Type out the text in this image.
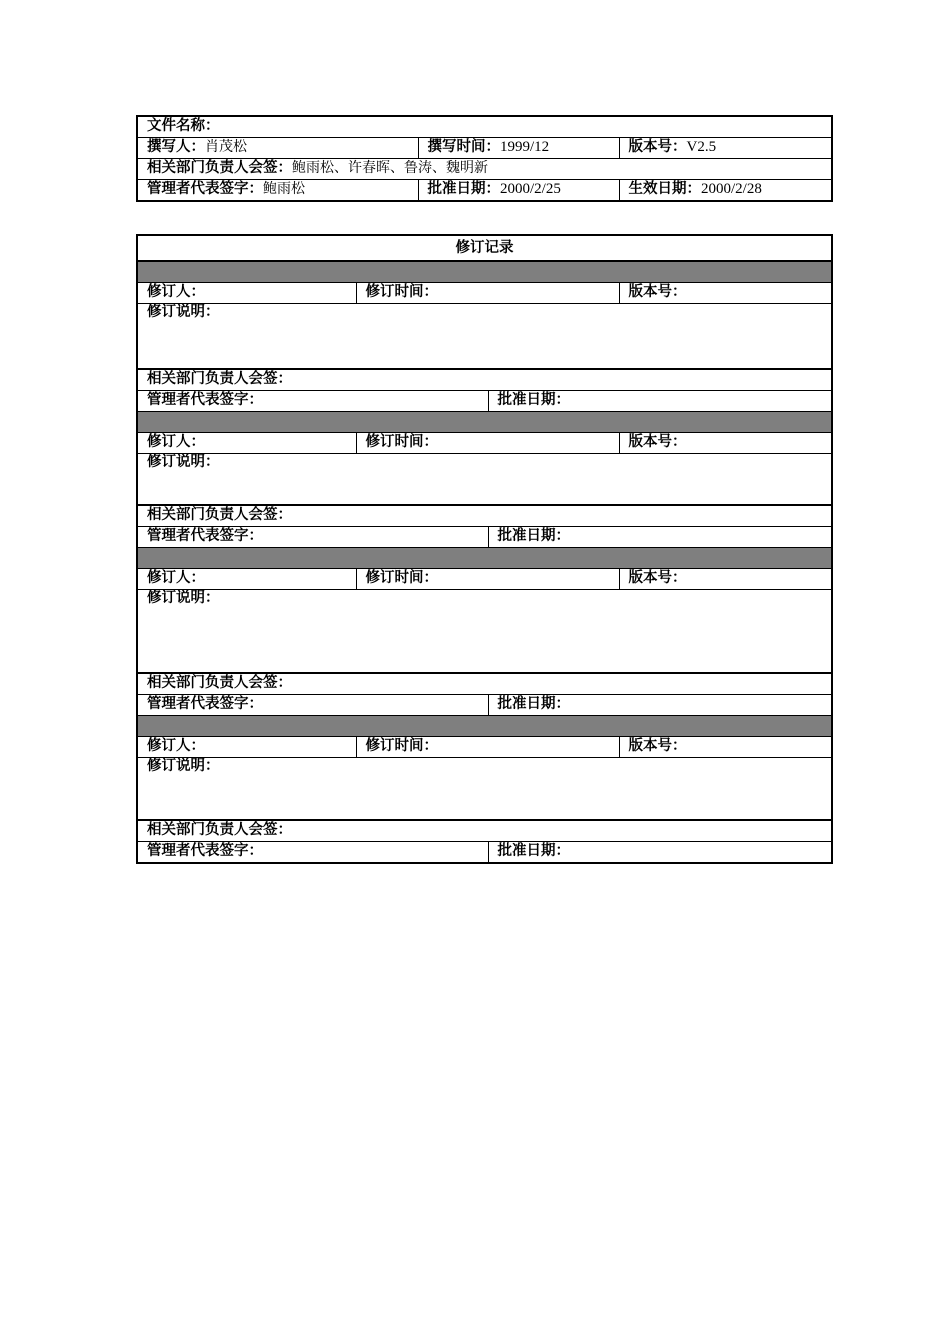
文件名称：		
撰写人：肖茂松	撰写时间：1999/12	版本号：V2.5
相关部门负责人会签：鲍雨松、许春晖、鲁涛、魏明新		
管理者代表签字：鲍雨松	批准日期：2000/2/25	生效日期：2000/2/28
修订记录			

修订人：	修订时间：		版本号：
修订说明：			
相关部门负责人会签：			
管理者代表签字：		批准日期：	

修订人：	修订时间：		版本号：
修订说明：			
相关部门负责人会签：			
管理者代表签字：		批准日期：	

修订人：	修订时间：		版本号：
修订说明：			
相关部门负责人会签：			
管理者代表签字：		批准日期：	

修订人：	修订时间：		版本号：
修订说明：			
相关部门负责人会签：			
管理者代表签字：		批准日期：	
